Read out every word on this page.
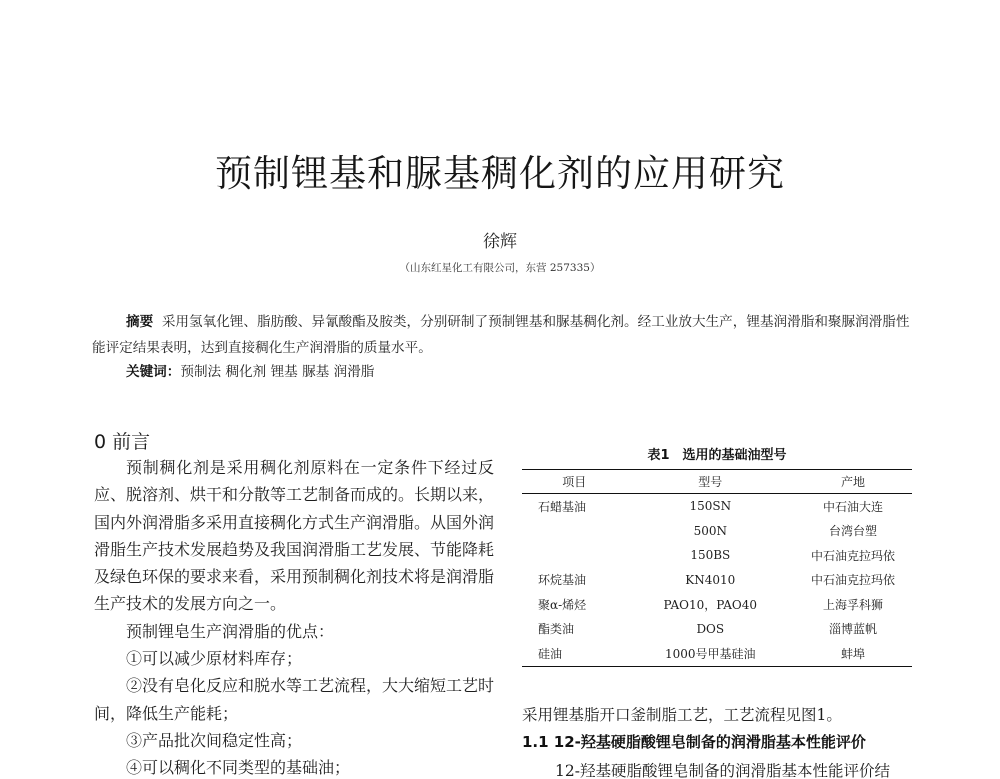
预制锂基和脲基稠化剂的应用研究
徐辉
（山东红星化工有限公司，东营 257335）
摘要 采用氢氧化锂、脂肪酸、异氰酸酯及胺类，分别研制了预制锂基和脲基稠化剂。经工业放大生产，锂基润滑脂和聚脲润滑脂性能评定结果表明，达到直接稠化生产润滑脂的质量水平。
关键词：预制法 稠化剂 锂基 脲基 润滑脂
0 前言

预制稠化剂是采用稠化剂原料在一定条件下经过反应、脱溶剂、烘干和分散等工艺制备而成的。长期以来，国内外润滑脂多采用直接稠化方式生产润滑脂。从国外润滑脂生产技术发展趋势及我国润滑脂工艺发展、节能降耗及绿色环保的要求来看，采用预制稠化剂技术将是润滑脂生产技术的发展方向之一。

预制锂皂生产润滑脂的优点：

①可以减少原材料库存；

②没有皂化反应和脱水等工艺流程，大大缩短工艺时间，降低生产能耗；

③产品批次间稳定性高；

④可以稠化不同类型的基础油；

表1　选用的基础油型号
项目	型号	产地
石蜡基油	150SN	中石油大连
	500N	台湾台塑
	150BS	中石油克拉玛依
环烷基油	KN4010	中石油克拉玛依
聚α-烯烃	PAO10，PAO40	上海孚科狮
酯类油	DOS	淄博蓝帆
硅油	1000号甲基硅油	蚌埠
采用锂基脂开口釜制脂工艺，工艺流程见图1。
1.1 12-羟基硬脂酸锂皂制备的润滑脂基本性能评价
12-羟基硬脂酸锂皂制备的润滑脂基本性能评价结
